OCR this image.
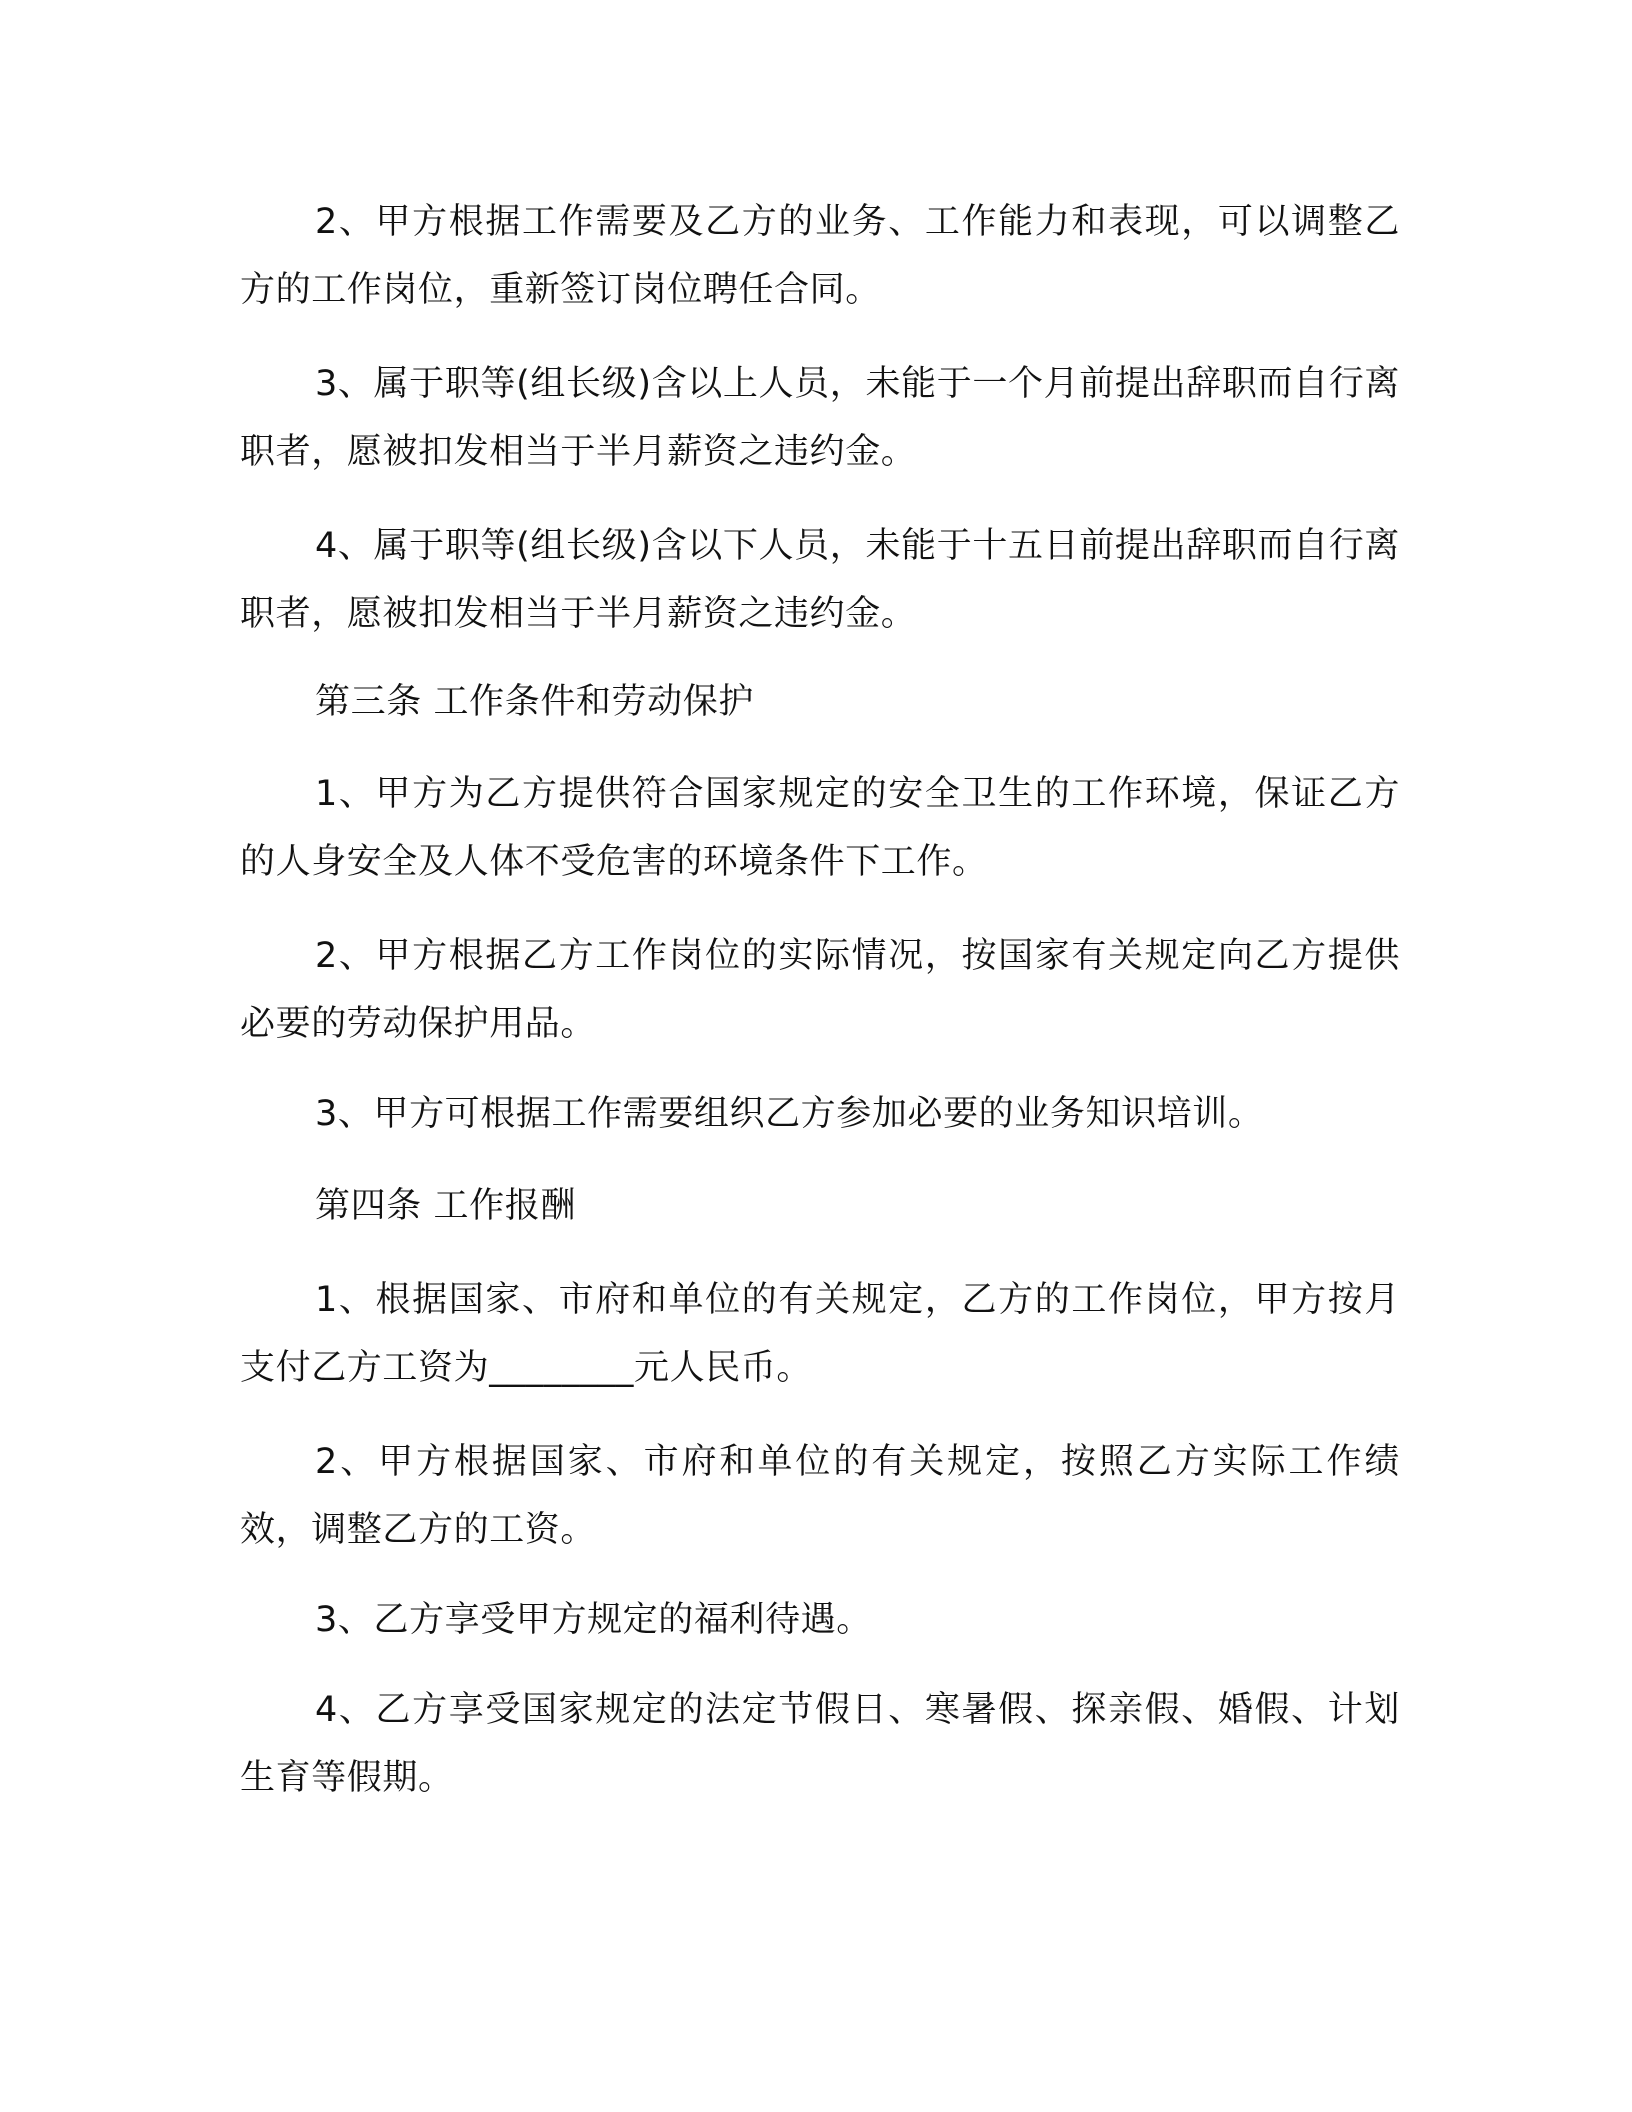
2、甲方根据工作需要及乙方的业务、工作能力和表现，可以调整乙方的工作岗位，重新签订岗位聘任合同。

3、属于职等(组长级)含以上人员，未能于一个月前提出辞职而自行离职者，愿被扣发相当于半月薪资之违约金。

4、属于职等(组长级)含以下人员，未能于十五日前提出辞职而自行离职者，愿被扣发相当于半月薪资之违约金。

第三条 工作条件和劳动保护

1、甲方为乙方提供符合国家规定的安全卫生的工作环境，保证乙方的人身安全及人体不受危害的环境条件下工作。

2、甲方根据乙方工作岗位的实际情况，按国家有关规定向乙方提供必要的劳动保护用品。

3、甲方可根据工作需要组织乙方参加必要的业务知识培训。

第四条 工作报酬

1、根据国家、市府和单位的有关规定，乙方的工作岗位，甲方按月支付乙方工资为________元人民币。

2、甲方根据国家、市府和单位的有关规定，按照乙方实际工作绩效，调整乙方的工资。

3、乙方享受甲方规定的福利待遇。

4、乙方享受国家规定的法定节假日、寒暑假、探亲假、婚假、计划生育等假期。
